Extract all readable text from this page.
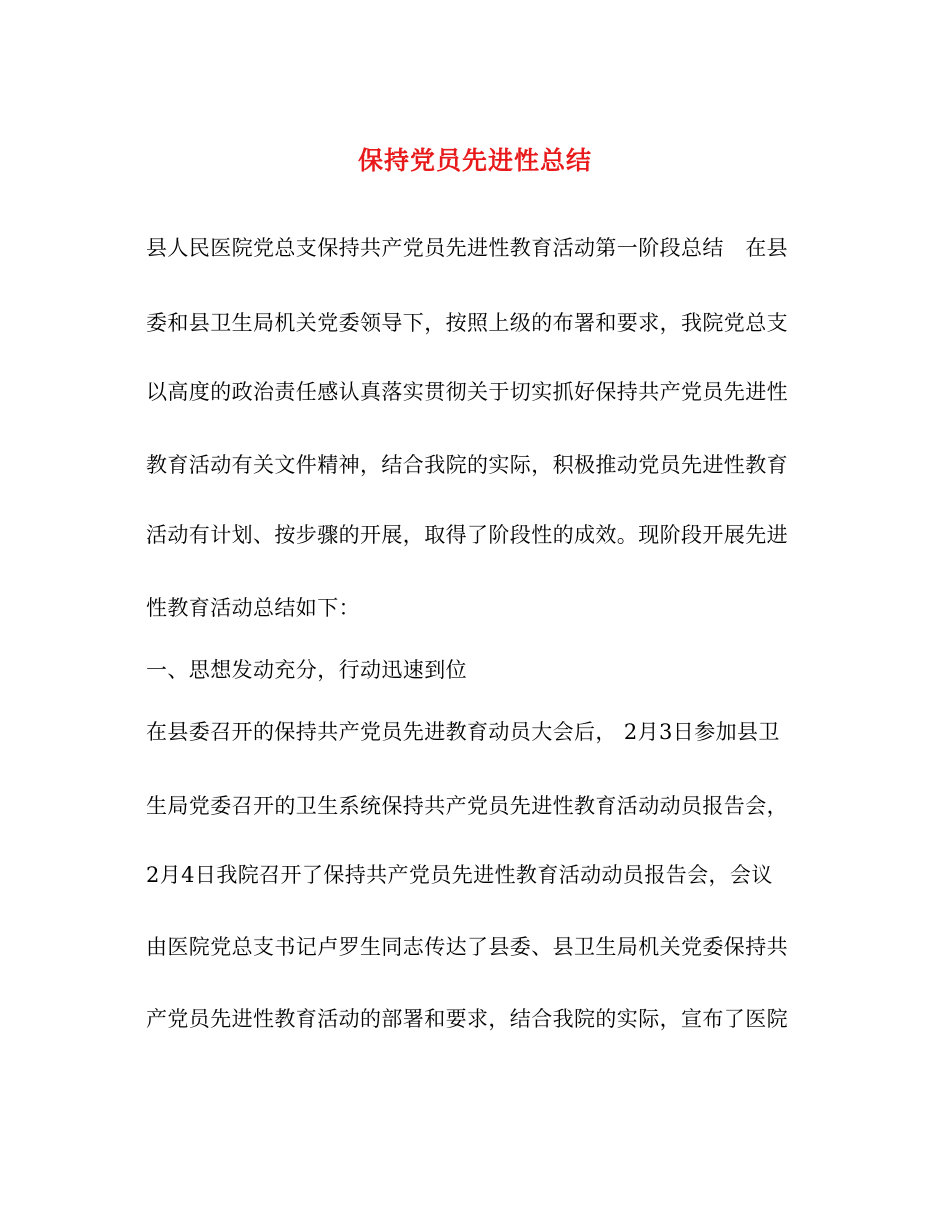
保持党员先进性总结
县人民医院党总支保持共产党员先进性教育活动第一阶段总结　在县
委和县卫生局机关党委领导下，按照上级的布署和要求，我院党总支
以高度的政治责任感认真落实贯彻关于切实抓好保持共产党员先进性
教育活动有关文件精神，结合我院的实际，积极推动党员先进性教育
活动有计划、按步骤的开展，取得了阶段性的成效。现阶段开展先进
性教育活动总结如下：
一、思想发动充分，行动迅速到位
在县委召开的保持共产党员先进教育动员大会后， 2月3日参加县卫
生局党委召开的卫生系统保持共产党员先进性教育活动动员报告会，
2月4日我院召开了保持共产党员先进性教育活动动员报告会，会议
由医院党总支书记卢罗生同志传达了县委、县卫生局机关党委保持共
产党员先进性教育活动的部署和要求，结合我院的实际，宣布了医院
